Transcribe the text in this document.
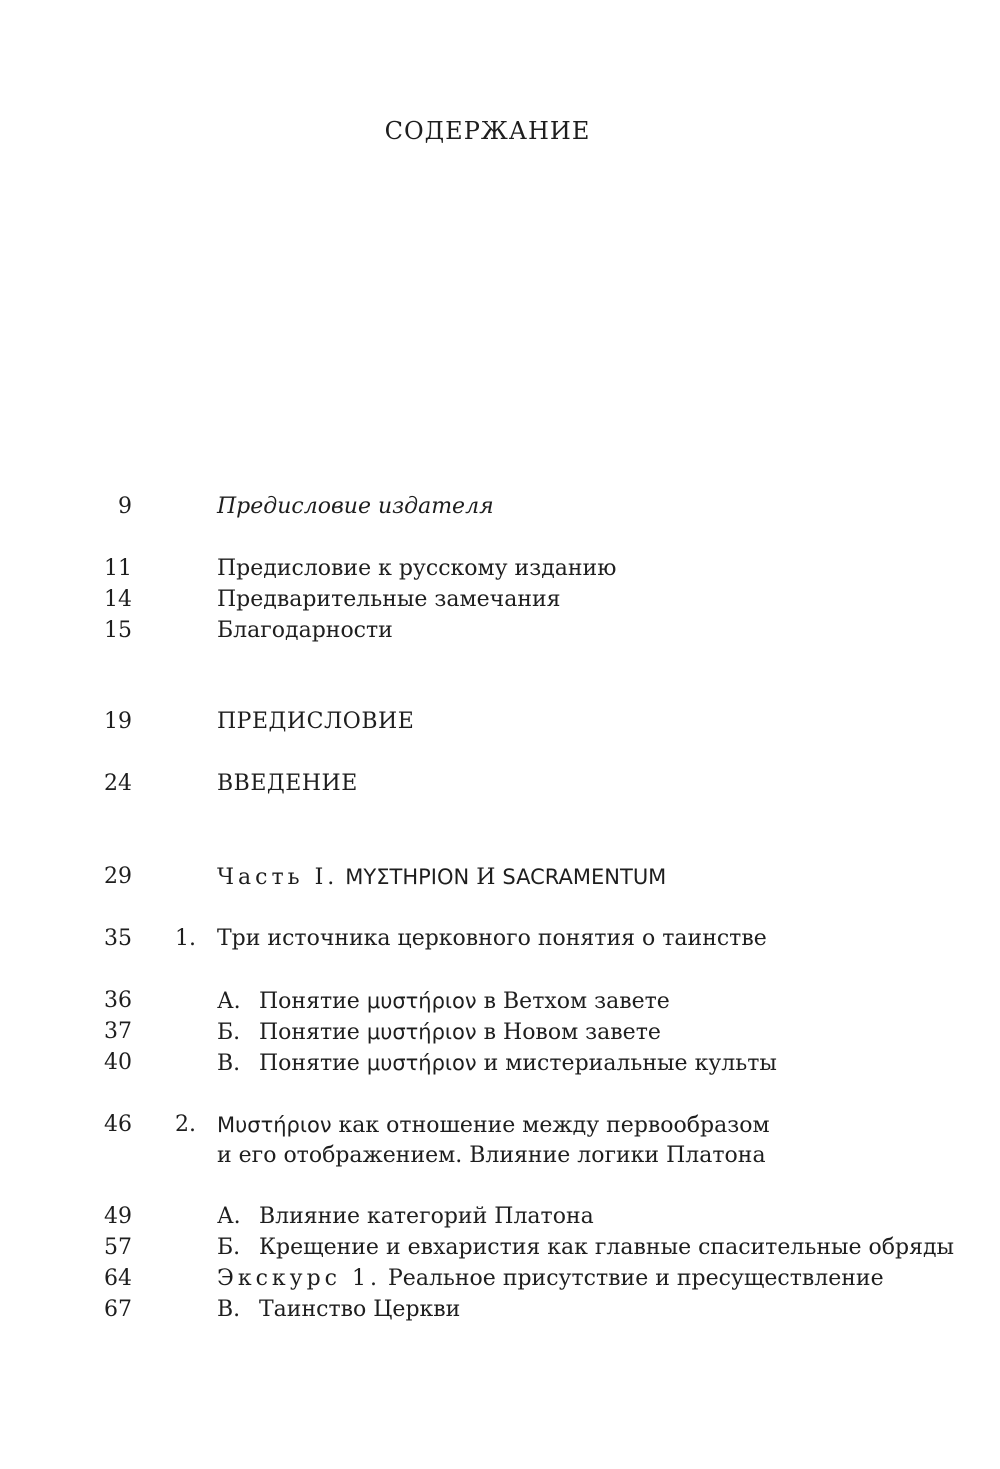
СОДЕРЖАНИЕ
9	Предисловие издателя
11	Предисловие к русскому изданию
14	Предварительные замечания
15	Благодарности
19	ПРЕДИСЛОВИЕ
24	ВВЕДЕНИЕ
29	Часть I. ΜΥΣΤΗΡΙΟΝ И SACRAMENTUM
35 1. Три источника церковного понятия о таинстве
36	А. Понятие μυστήριον в Ветхом завете
37	Б. Понятие μυστήριον в Новом завете
40	В. Понятие μυστήριον и мистериальные культы
46 2. Μυστήριον как отношение между первообразом
и его отображением. Влияние логики Платона
49	А. Влияние категорий Платона
57	Б. Крещение и евхаристия как главные спасительные обряды
64	Экскурс 1. Реальное присутствие и пресуществление
67	В. Таинство Церкви
